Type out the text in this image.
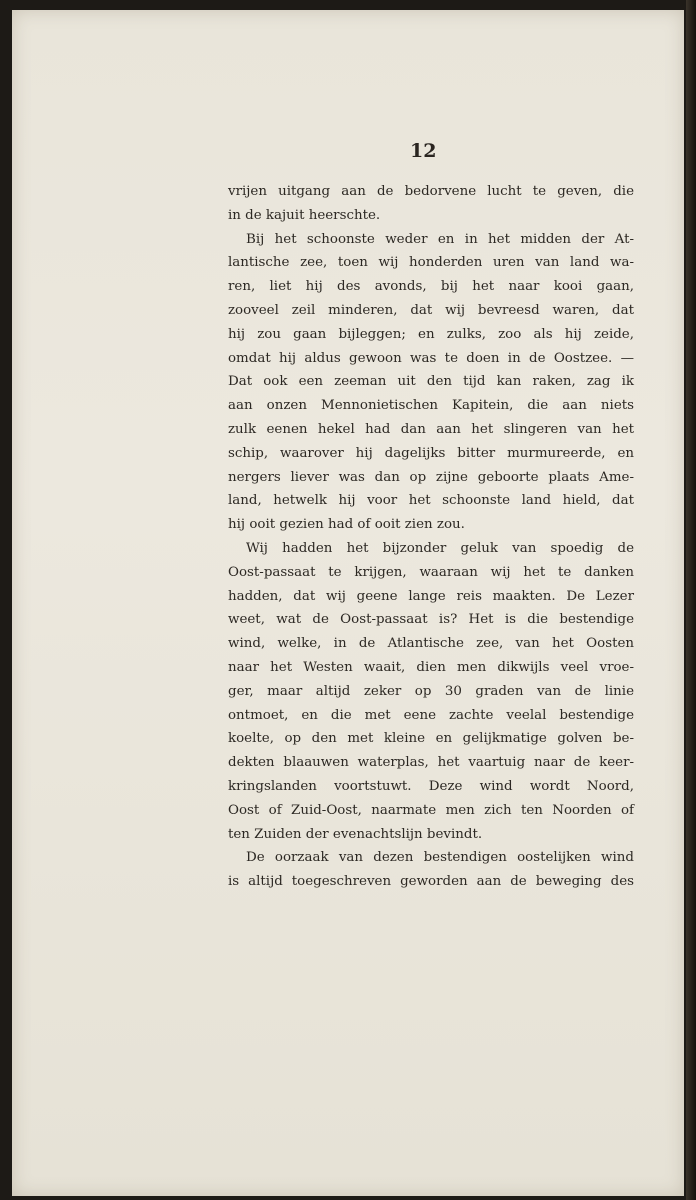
12
vrijen uitgang aan de bedorvene lucht te geven, die
in de kajuit heerschte.
Bij het schoonste weder en in het midden der At-
lantische zee, toen wij honderden uren van land wa-
ren, liet hij des avonds, bij het naar kooi gaan,
zooveel zeil minderen, dat wij bevreesd waren, dat
hij zou gaan bijleggen; en zulks, zoo als hij zeide,
omdat hij aldus gewoon was te doen in de Oostzee. —
Dat ook een zeeman uit den tijd kan raken, zag ik
aan onzen Mennonietischen Kapitein, die aan niets
zulk eenen hekel had dan aan het slingeren van het
schip, waarover hij dagelijks bitter murmureerde, en
nergers liever was dan op zijne geboorte plaats Ame-
land, hetwelk hij voor het schoonste land hield, dat
hij ooit gezien had of ooit zien zou.
Wij hadden het bijzonder geluk van spoedig de
Oost-passaat te krijgen, waaraan wij het te danken
hadden, dat wij geene lange reis maakten. De Lezer
weet, wat de Oost-passaat is? Het is die bestendige
wind, welke, in de Atlantische zee, van het Oosten
naar het Westen waait, dien men dikwijls veel vroe-
ger, maar altijd zeker op 30 graden van de linie
ontmoet, en die met eene zachte veelal bestendige
koelte, op den met kleine en gelijkmatige golven be-
dekten blaauwen waterplas, het vaartuig naar de keer-
kringslanden voortstuwt. Deze wind wordt Noord,
Oost of Zuid-Oost, naarmate men zich ten Noorden of
ten Zuiden der evenachtslijn bevindt.
De oorzaak van dezen bestendigen oostelijken wind
is altijd toegeschreven geworden aan de beweging des
